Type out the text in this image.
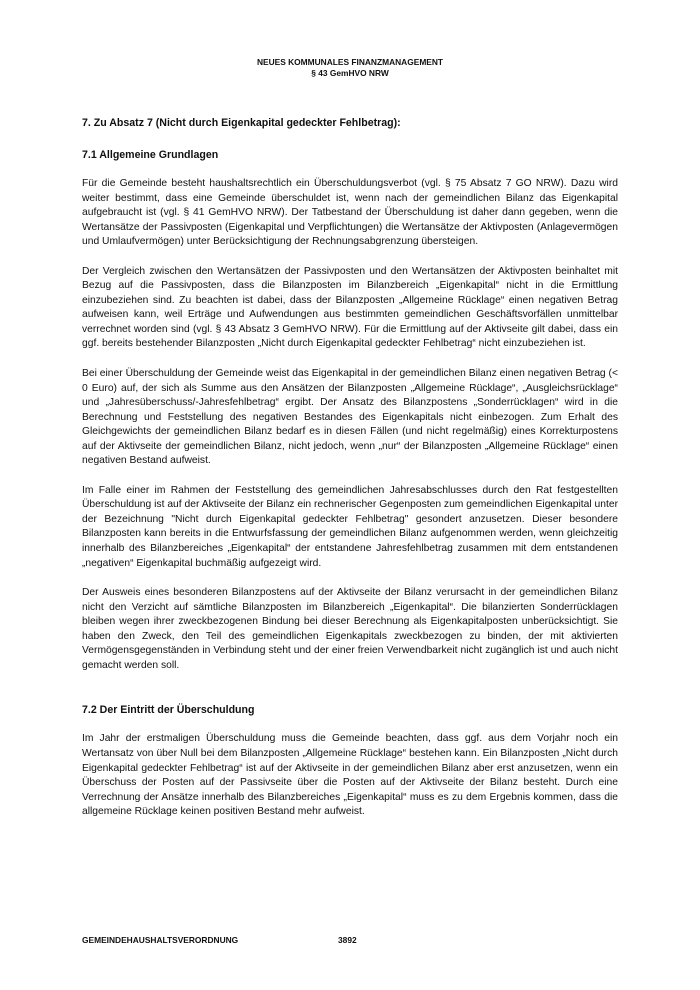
NEUES KOMMUNALES FINANZMANAGEMENT
§ 43 GemHVO NRW
7. Zu Absatz 7 (Nicht durch Eigenkapital gedeckter Fehlbetrag):
7.1 Allgemeine Grundlagen

Für die Gemeinde besteht haushaltsrechtlich ein Überschuldungsverbot (vgl. § 75 Absatz 7 GO NRW). Dazu wird weiter bestimmt, dass eine Gemeinde überschuldet ist, wenn nach der gemeindlichen Bilanz das Eigenkapital aufgebraucht ist (vgl. § 41 GemHVO NRW). Der Tatbestand der Überschuldung ist daher dann gegeben, wenn die Wertansätze der Passivposten (Eigenkapital und Verpflichtungen) die Wertansätze der Aktivposten (Anlagevermögen und Umlaufvermögen) unter Berücksichtigung der Rechnungsabgrenzung übersteigen.

Der Vergleich zwischen den Wertansätzen der Passivposten und den Wertansätzen der Aktivposten beinhaltet mit Bezug auf die Passivposten, dass die Bilanzposten im Bilanzbereich „Eigenkapital“ nicht in die Ermittlung einzubeziehen sind. Zu beachten ist dabei, dass der Bilanzposten „Allgemeine Rücklage“ einen negativen Betrag aufweisen kann, weil Erträge und Aufwendungen aus bestimmten gemeindlichen Geschäftsvorfällen unmittelbar verrechnet worden sind (vgl. § 43 Absatz 3 GemHVO NRW). Für die Ermittlung auf der Aktivseite gilt dabei, dass ein ggf. bereits bestehender Bilanzposten „Nicht durch Eigenkapital gedeckter Fehlbetrag“ nicht einzubeziehen ist.

Bei einer Überschuldung der Gemeinde weist das Eigenkapital in der gemeindlichen Bilanz einen negativen Betrag (< 0 Euro) auf, der sich als Summe aus den Ansätzen der Bilanzposten „Allgemeine Rücklage“, „Ausgleichsrücklage“ und „Jahresüberschuss/-Jahresfehlbetrag“ ergibt. Der Ansatz des Bilanzpostens „Sonderrücklagen“ wird in die Berechnung und Feststellung des negativen Bestandes des Eigenkapitals nicht einbezogen. Zum Erhalt des Gleichgewichts der gemeindlichen Bilanz bedarf es in diesen Fällen (und nicht regelmäßig) eines Korrekturpostens auf der Aktivseite der gemeindlichen Bilanz, nicht jedoch, wenn „nur“ der Bilanzposten „Allgemeine Rücklage“ einen negativen Bestand aufweist.

Im Falle einer im Rahmen der Feststellung des gemeindlichen Jahresabschlusses durch den Rat festgestellten Überschuldung ist auf der Aktivseite der Bilanz ein rechnerischer Gegenposten zum gemeindlichen Eigenkapital unter der Bezeichnung "Nicht durch Eigenkapital gedeckter Fehlbetrag" gesondert anzusetzen. Dieser besondere Bilanzposten kann bereits in die Entwurfsfassung der gemeindlichen Bilanz aufgenommen werden, wenn gleichzeitig innerhalb des Bilanzbereiches „Eigenkapital“ der entstandene Jahresfehlbetrag zusammen mit dem entstandenen „negativen“ Eigenkapital buchmäßig aufgezeigt wird.

Der Ausweis eines besonderen Bilanzpostens auf der Aktivseite der Bilanz verursacht in der gemeindlichen Bilanz nicht den Verzicht auf sämtliche Bilanzposten im Bilanzbereich „Eigenkapital“. Die bilanzierten Sonderrücklagen bleiben wegen ihrer zweckbezogenen Bindung bei dieser Berechnung als Eigenkapitalposten unberücksichtigt. Sie haben den Zweck, den Teil des gemeindlichen Eigenkapitals zweckbezogen zu binden, der mit aktivierten Vermögensgegenständen in Verbindung steht und der einer freien Verwendbarkeit nicht zugänglich ist und auch nicht gemacht werden soll.

7.2 Der Eintritt der Überschuldung

Im Jahr der erstmaligen Überschuldung muss die Gemeinde beachten, dass ggf. aus dem Vorjahr noch ein Wertansatz von über Null bei dem Bilanzposten „Allgemeine Rücklage“ bestehen kann. Ein Bilanzposten „Nicht durch Eigenkapital gedeckter Fehlbetrag“ ist auf der Aktivseite in der gemeindlichen Bilanz aber erst anzusetzen, wenn ein Überschuss der Posten auf der Passivseite über die Posten auf der Aktivseite der Bilanz besteht. Durch eine Verrechnung der Ansätze innerhalb des Bilanzbereiches „Eigenkapital“ muss es zu dem Ergebnis kommen, dass die allgemeine Rücklage keinen positiven Bestand mehr aufweist.

GEMEINDEHAUSHALTSVERORDNUNG	3892
